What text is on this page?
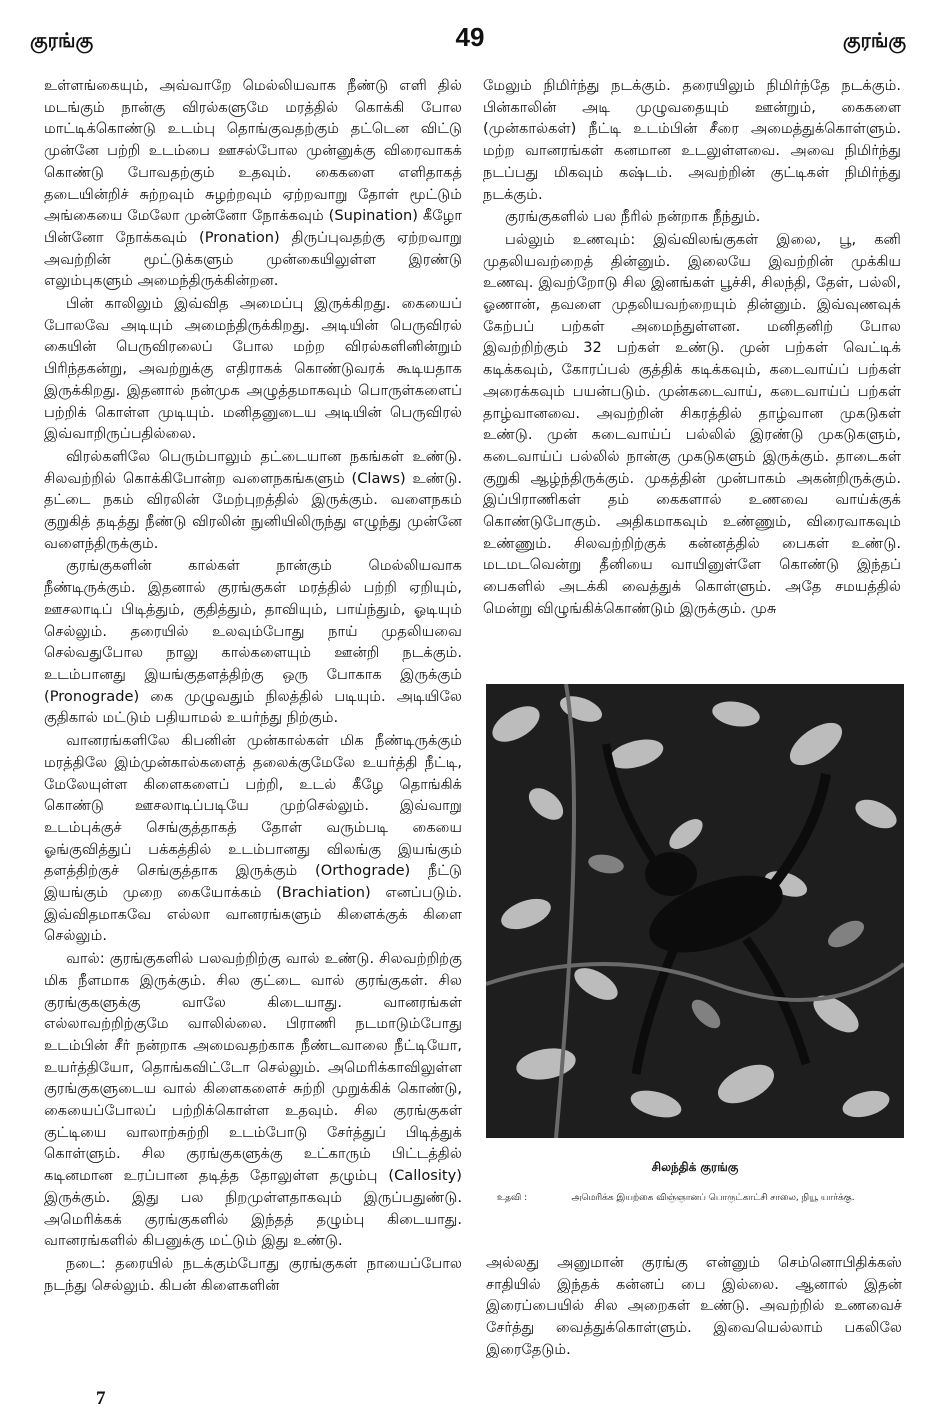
குரங்கு	49	குரங்கு

உள்ளங்கையும், அவ்வாறே மெல்லியவாக நீண்டு எளி தில் மடங்கும் நான்கு விரல்களுமே மரத்தில் கொக்கி போல மாட்டிக்கொண்டு உடம்பு தொங்குவதற்கும் தட்டென விட்டு முன்னே பற்றி உடம்பை ஊசல்போல முன்னுக்கு விரைவாகக் கொண்டு போவதற்கும் உதவும். கைகளை எளிதாகத் தடையின்றிச் சுற்றவும் சுழற்றவும் ஏற்றவாறு தோள் மூட்டும் அங்கையை மேலோ முன்னோ நோக்கவும் (Supination) கீழோ பின்னோ நோக்கவும் (Pronation) திருப்புவதற்கு ஏற்றவாறு அவற்றின் மூட்டுக்களும் முன்கையிலுள்ள இரண்டு எலும்புகளும் அமைந்திருக்கின்றன.

பின் காலிலும் இவ்வித அமைப்பு இருக்கிறது. கையைப் போலவே அடியும் அமைந்திருக்கிறது. அடியின் பெருவிரல் கையின் பெருவிரலைப் போல மற்ற விரல்களினின்றும் பிரிந்தகன்று, அவற்றுக்கு எதிராகக் கொண்டுவரக் கூடியதாக இருக்கிறது. இதனால் நன்முக அழுத்தமாகவும் பொருள்களைப் பற்றிக் கொள்ள முடியும். மனிதனுடைய அடியின் பெருவிரல் இவ்வாறிருப்பதில்லை.

விரல்களிலே பெரும்பாலும் தட்டையான நகங்கள் உண்டு. சிலவற்றில் கொக்கிபோன்ற வளைநகங்களும் (Claws) உண்டு. தட்டை நகம் விரலின் மேற்புறத்தில் இருக்கும். வளைநகம் குறுகித் தடித்து நீண்டு விரலின் நுனியிலிருந்து எழுந்து முன்னே வளைந்திருக்கும்.

குரங்குகளின் கால்கள் நான்கும் மெல்லியவாக நீண்டிருக்கும். இதனால் குரங்குகள் மரத்தில் பற்றி ஏறியும், ஊசலாடிப் பிடித்தும், குதித்தும், தாவியும், பாய்ந்தும், ஓடியும் செல்லும். தரையில் உலவும்போது நாய் முதலியவை செல்வதுபோல நாலு கால்களையும் ஊன்றி நடக்கும். உடம்பானது இயங்குதளத்திற்கு ஒரு போகாக இருக்கும் (Pronograde) கை முழுவதும் நிலத்தில் படியும். அடியிலே குதிகால் மட்டும் பதியாமல் உயர்ந்து நிற்கும்.

வானரங்களிலே கிபனின் முன்கால்கள் மிக நீண்டிருக்கும் மரத்திலே இம்முன்கால்களைத் தலைக்குமேலே உயர்த்தி நீட்டி, மேலேயுள்ள கிளைகளைப் பற்றி, உடல் கீழே தொங்கிக் கொண்டு ஊசலாடிப்படியே முற்செல்லும். இவ்வாறு உடம்புக்குச் செங்குத்தாகத் தோள் வரும்படி கையை ஓங்குவித்துப் பக்கத்தில் உடம்பானது விலங்கு இயங்கும் தளத்திற்குச் செங்குத்தாக இருக்கும் (Orthograde) நீட்டு இயங்கும் முறை கையோக்கம் (Brachiation) எனப்படும். இவ்விதமாகவே எல்லா வானரங்களும் கிளைக்குக் கிளை செல்லும்.

வால்: குரங்குகளில் பலவற்றிற்கு வால் உண்டு. சிலவற்றிற்கு மிக நீளமாக இருக்கும். சில குட்டை வால் குரங்குகள். சில குரங்குகளுக்கு வாலே கிடையாது. வானரங்கள் எல்லாவற்றிற்குமே வாலில்லை. பிராணி நடமாடும்போது உடம்பின் சீர் நன்றாக அமைவதற்காக நீண்டவாலை நீட்டியோ, உயர்த்தியோ, தொங்கவிட்டோ செல்லும். அமெரிக்காவிலுள்ள குரங்குகளுடைய வால் கிளைகளைச் சுற்றி முறுக்கிக் கொண்டு, கையைப்போலப் பற்றிக்கொள்ள உதவும். சில குரங்குகள் குட்டியை வாலாற்சுற்றி உடம்போடு சேர்த்துப் பிடித்துக் கொள்ளும். சில குரங்குகளுக்கு உட்காரும் பிட்டத்தில் கடினமான உரப்பான தடித்த தோலுள்ள தழும்பு (Callosity) இருக்கும். இது பல நிறமுள்ளதாகவும் இருப்பதுண்டு. அமெரிக்கக் குரங்குகளில் இந்தத் தழும்பு கிடையாது. வானரங்களில் கிபனுக்கு மட்டும் இது உண்டு.

நடை: தரையில் நடக்கும்போது குரங்குகள் நாயைப்போல நடந்து செல்லும். கிபன் கிளைகளின்

மேலும் நிமிர்ந்து நடக்கும். தரையிலும் நிமிர்ந்தே நடக்கும். பின்காலின் அடி முழுவதையும் ஊன்றும், கைகளை (முன்கால்கள்) நீட்டி உடம்பின் சீரை அமைத்துக்கொள்ளும். மற்ற வானரங்கள் கனமான உடலுள்ளவை. அவை நிமிர்ந்து நடப்பது மிகவும் கஷ்டம். அவற்றின் குட்டிகள் நிமிர்ந்து நடக்கும்.

குரங்குகளில் பல நீரில் நன்றாக நீந்தும்.

பல்லும் உணவும்: இவ்விலங்குகள் இலை, பூ, கனி முதலியவற்றைத் தின்னும். இலையே இவற்றின் முக்கிய உணவு. இவற்றோடு சில இனங்கள் பூச்சி, சிலந்தி, தேள், பல்லி, ஓணான், தவளை முதலியவற்றையும் தின்னும். இவ்வுணவுக் கேற்பப் பற்கள் அமைந்துள்ளன. மனிதனிற் போல இவற்றிற்கும் 32 பற்கள் உண்டு. முன் பற்கள் வெட்டிக் கடிக்கவும், கோரப்பல் குத்திக் கடிக்கவும், கடைவாய்ப் பற்கள் அரைக்கவும் பயன்படும். முன்கடைவாய், கடைவாய்ப் பற்கள் தாழ்வானவை. அவற்றின் சிகரத்தில் தாழ்வான முகடுகள் உண்டு. முன் கடைவாய்ப் பல்லில் இரண்டு முகடுகளும், கடைவாய்ப் பல்லில் நான்கு முகடுகளும் இருக்கும். தாடைகள் குறுகி ஆழ்ந்திருக்கும். முகத்தின் முன்பாகம் அகன்றிருக்கும். இப்பிராணிகள் தம் கைகளால் உணவை வாய்க்குக் கொண்டுபோகும். அதிகமாகவும் உண்ணும், விரைவாகவும் உண்ணும். சிலவற்றிற்குக் கன்னத்தில் பைகள் உண்டு. மடமடவென்று தீனியை வாயினுள்ளே கொண்டு இந்தப் பைகளில் அடக்கி வைத்துக் கொள்ளும். அதே சமயத்தில் மென்று விழுங்கிக்கொண்டும் இருக்கும். முசு

சிலந்திக் குரங்கு
உதவி :	அமெரிக்க இயற்கை விஞ்ஞானப் பொருட்காட்சி சாலை, நியூ யார்க்கு.

அல்லது அனுமான் குரங்கு என்னும் செம்னொபிதிக்கஸ் சாதியில் இந்தக் கன்னப் பை இல்லை. ஆனால் இதன் இரைப்பையில் சில அறைகள் உண்டு. அவற்றில் உணவைச் சேர்த்து வைத்துக்கொள்ளும். இவையெல்லாம் பகலிலே இரைதேடும்.

7
